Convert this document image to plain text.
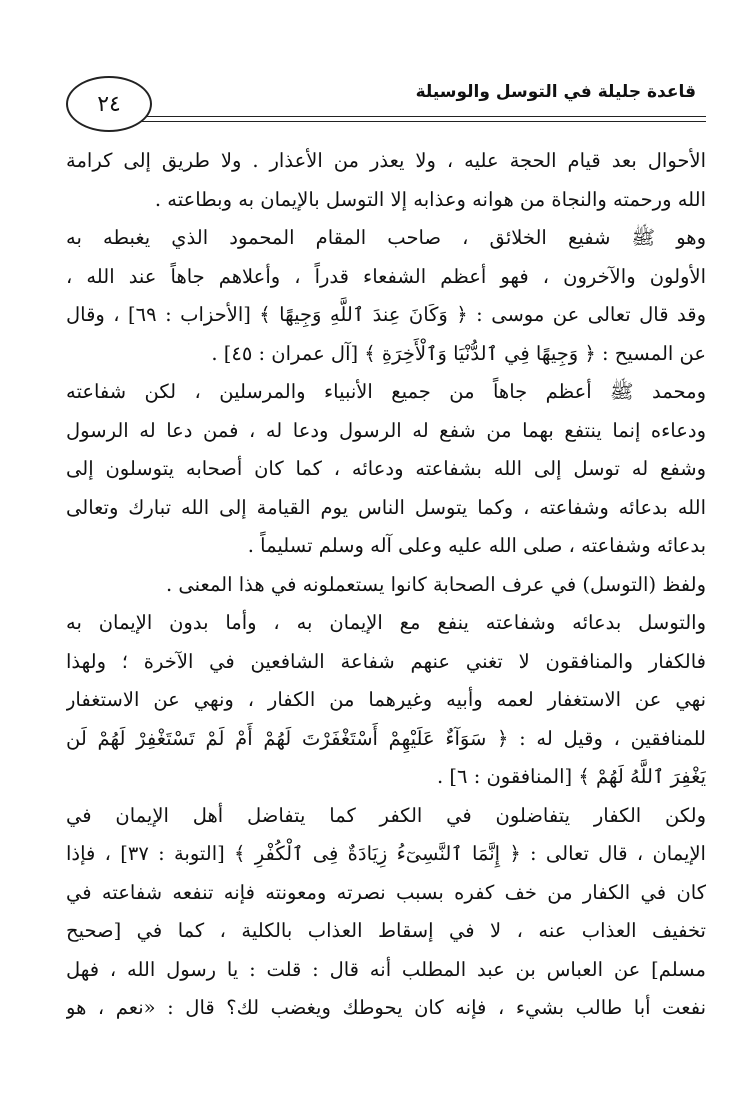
قاعدة جليلة في التوسل والوسيلة
٢٤
الأحوال بعد قيام الحجة عليه ، ولا يعذر من الأعذار . ولا طريق إلى كرامة
الله ورحمته والنجاة من هوانه وعذابه إلا التوسل بالإيمان به وبطاعته .
وهو ﷺ شفيع الخلائق ، صاحب المقام المحمود الذي يغبطه به
الأولون والآخرون ، فهو أعظم الشفعاء قدراً ، وأعلاهم جاهاً عند الله ،
وقد قال تعالى عن موسى : ﴿ وَكَانَ عِندَ ٱللَّهِ وَجِيهًا ﴾ [الأحزاب : ٦٩] ، وقال
عن المسيح : ﴿ وَجِيهًا فِي ٱلدُّنْيَا وَٱلْأَخِرَةِ ﴾ [آل عمران : ٤٥] .
ومحمد ﷺ أعظم جاهاً من جميع الأنبياء والمرسلين ، لكن شفاعته
ودعاءه إنما ينتفع بهما من شفع له الرسول ودعا له ، فمن دعا له الرسول
وشفع له توسل إلى الله بشفاعته ودعائه ، كما كان أصحابه يتوسلون إلى
الله بدعائه وشفاعته ، وكما يتوسل الناس يوم القيامة إلى الله تبارك وتعالى
بدعائه وشفاعته ، صلى الله عليه وعلى آله وسلم تسليماً .
ولفظ (التوسل) في عرف الصحابة كانوا يستعملونه في هذا المعنى .
والتوسل بدعائه وشفاعته ينفع مع الإيمان به ، وأما بدون الإيمان به
فالكفار والمنافقون لا تغني عنهم شفاعة الشافعين في الآخرة ؛ ولهذا
نهي عن الاستغفار لعمه وأبيه وغيرهما من الكفار ، ونهي عن الاستغفار
للمنافقين ، وقيل له : ﴿ سَوَآءٌ عَلَيْهِمْ أَسْتَغْفَرْتَ لَهُمْ أَمْ لَمْ تَسْتَغْفِرْ لَهُمْ لَن
يَغْفِرَ ٱللَّهُ لَهُمْ ﴾ [المنافقون : ٦] .
ولكن الكفار يتفاضلون في الكفر كما يتفاضل أهل الإيمان في
الإيمان ، قال تعالى : ﴿ إِنَّمَا ٱلنَّسِىٓءُ زِيَادَةٌ فِى ٱلْكُفْرِ ﴾ [التوبة : ٣٧] ، فإذا
كان في الكفار من خف كفره بسبب نصرته ومعونته فإنه تنفعه شفاعته في
تخفيف العذاب عنه ، لا في إسقاط العذاب بالكلية ، كما في [صحيح
مسلم] عن العباس بن عبد المطلب أنه قال : قلت : يا رسول الله ، فهل
نفعت أبا طالب بشيء ، فإنه كان يحوطك ويغضب لك؟ قال : «نعم ، هو
